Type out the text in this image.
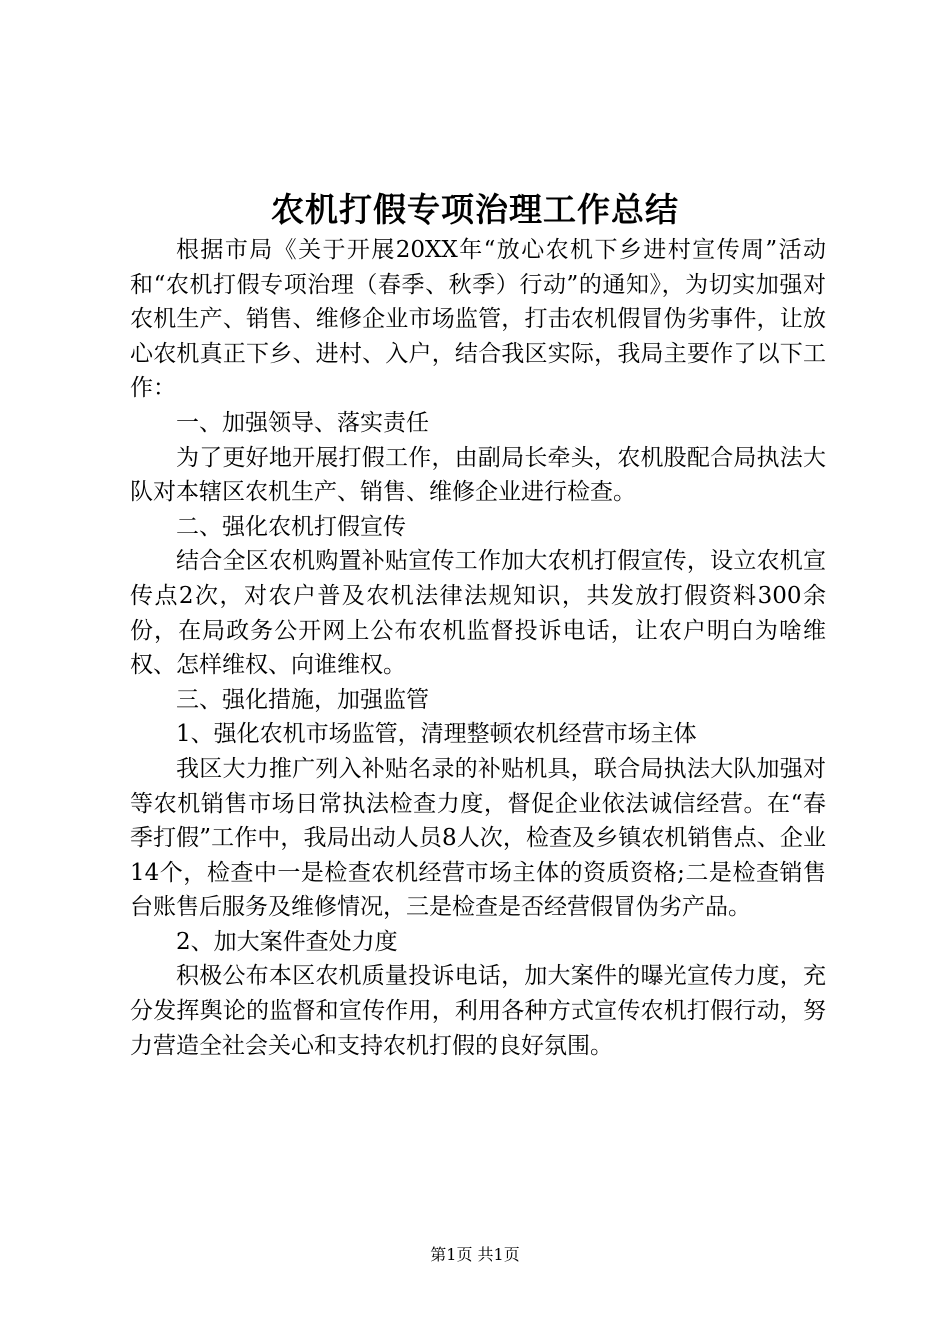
农机打假专项治理工作总结

根据市局《关于开展20XX年“放心农机下乡进村宣传周”活动和“农机打假专项治理（春季、秋季）行动”的通知》，为切实加强对农机生产、销售、维修企业市场监管，打击农机假冒伪劣事件，让放心农机真正下乡、进村、入户，结合我区实际，我局主要作了以下工作：

一、加强领导、落实责任

为了更好地开展打假工作，由副局长牵头，农机股配合局执法大队对本辖区农机生产、销售、维修企业进行检查。

二、强化农机打假宣传

结合全区农机购置补贴宣传工作加大农机打假宣传，设立农机宣传点2次，对农户普及农机法律法规知识，共发放打假资料300余份，在局政务公开网上公布农机监督投诉电话，让农户明白为啥维权、怎样维权、向谁维权。

三、强化措施，加强监管

1、强化农机市场监管，清理整顿农机经营市场主体

我区大力推广列入补贴名录的补贴机具，联合局执法大队加强对等农机销售市场日常执法检查力度，督促企业依法诚信经营。在“春季打假”工作中，我局出动人员8人次，检查及乡镇农机销售点、企业14个，检查中一是检查农机经营市场主体的资质资格;二是检查销售台账售后服务及维修情况，三是检查是否经营假冒伪劣产品。

2、加大案件查处力度

积极公布本区农机质量投诉电话，加大案件的曝光宣传力度，充分发挥舆论的监督和宣传作用，利用各种方式宣传农机打假行动，努力营造全社会关心和支持农机打假的良好氛围。

第1页 共1页
